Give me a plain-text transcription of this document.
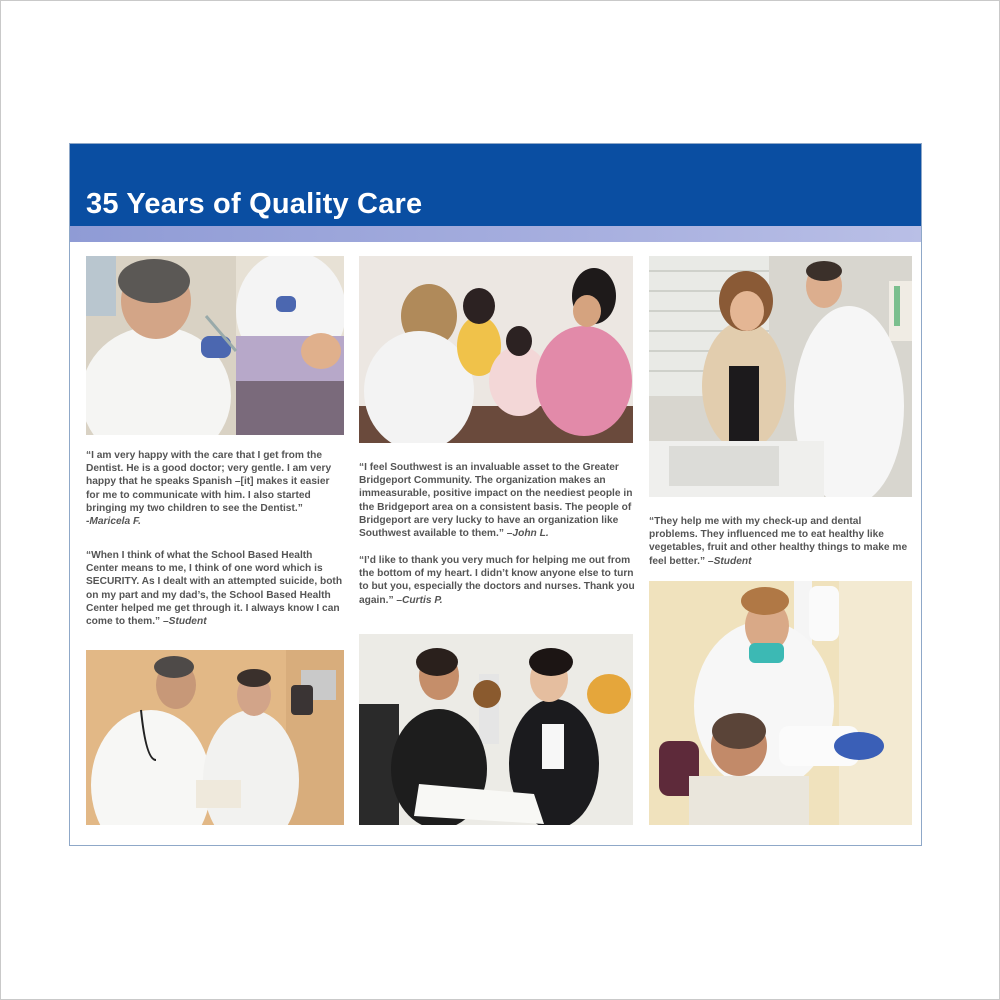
35 Years of Quality Care

“I am very happy with the care that I get from the Dentist. He is a good doctor; very gentle. I am very happy that he speaks Spanish –[it] makes it easier for me to communicate with him. I also started bringing my two children to see the Dentist.”
-Maricela F.

“When I think of what the School Based Health Center means to me, I think of one word which is SECURITY. As I dealt with an attempted suicide, both on my part and my dad’s, the School Based Health Center helped me get through it. I always know I can come to them.” –Student

“I feel Southwest is an invaluable asset to the Greater Bridgeport Community. The organization makes an immeasurable, positive impact on the neediest people in the Bridgeport area on a consistent basis. The people of Bridgeport are very lucky to have an organization like Southwest available to them.” –John L.

“I’d like to thank you very much for helping me out from the bottom of my heart. I didn’t know anyone else to turn to but you, especially the doctors and nurses. Thank you again.” –Curtis P.

“They help me with my check-up and dental problems. They influenced me to eat healthy like vegetables, fruit and other healthy things to make me feel better.” –Student
